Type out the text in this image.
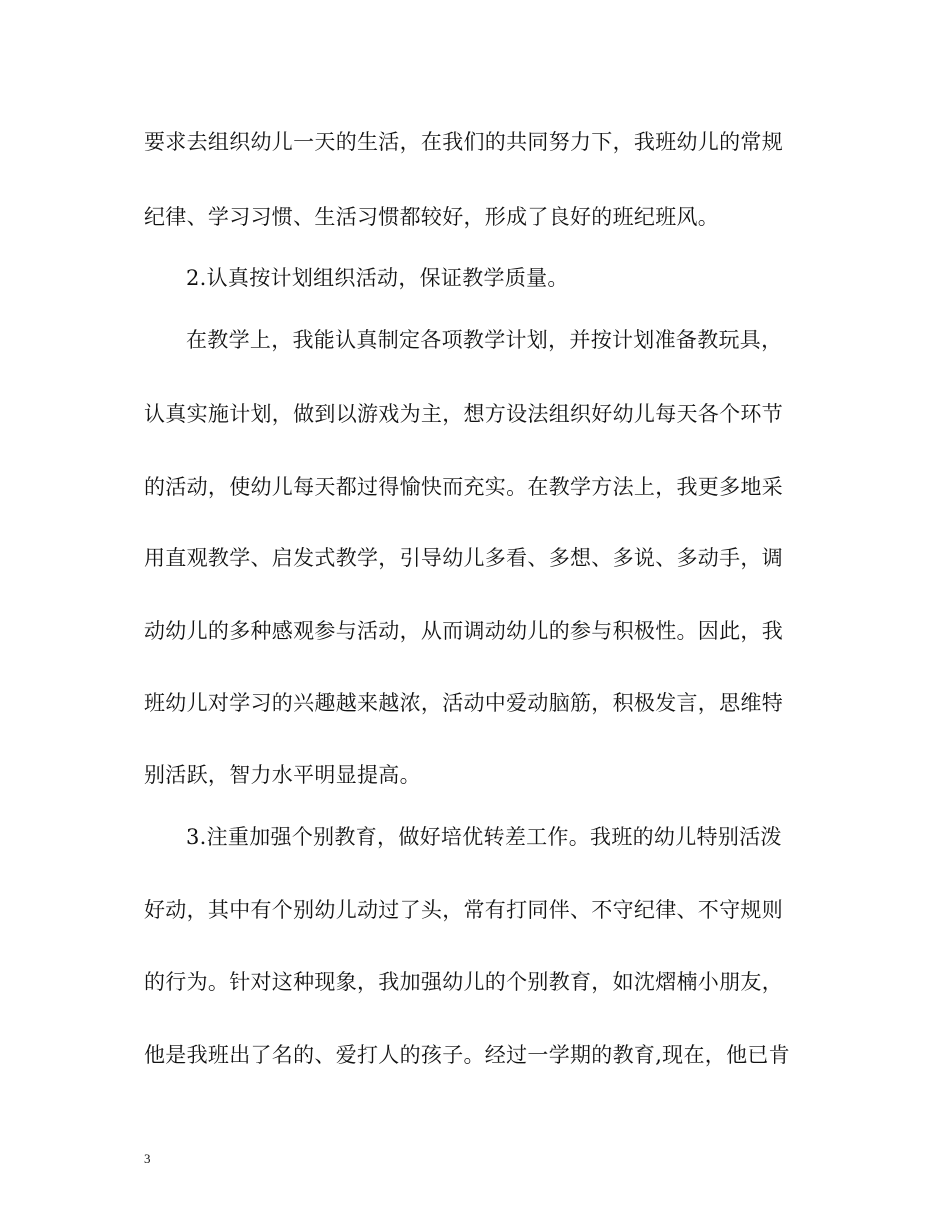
要求去组织幼儿一天的生活，在我们的共同努力下，我班幼儿的常规
纪律、学习习惯、生活习惯都较好，形成了良好的班纪班风。
2.认真按计划组织活动，保证教学质量。
在教学上，我能认真制定各项教学计划，并按计划准备教玩具，
认真实施计划，做到以游戏为主，想方设法组织好幼儿每天各个环节
的活动，使幼儿每天都过得愉快而充实。在教学方法上，我更多地采
用直观教学、启发式教学，引导幼儿多看、多想、多说、多动手，调
动幼儿的多种感观参与活动，从而调动幼儿的参与积极性。因此，我
班幼儿对学习的兴趣越来越浓，活动中爱动脑筋，积极发言，思维特
别活跃，智力水平明显提高。
3.注重加强个别教育，做好培优转差工作。我班的幼儿特别活泼
好动，其中有个别幼儿动过了头，常有打同伴、不守纪律、不守规则
的行为。针对这种现象，我加强幼儿的个别教育，如沈熠楠小朋友，
他是我班出了名的、爱打人的孩子。经过一学期的教育,现在，他已肯
3
